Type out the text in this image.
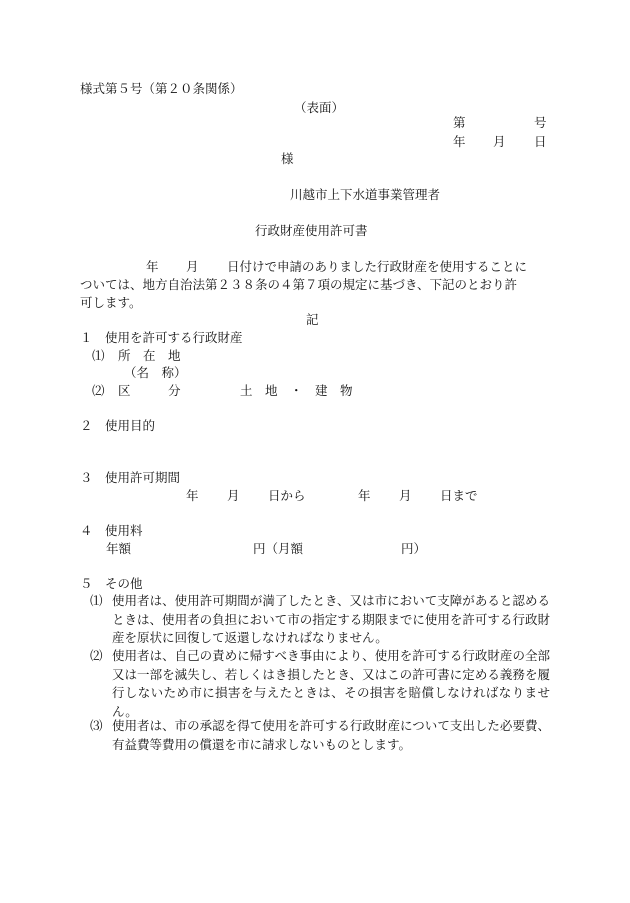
様式第５号（第２０条関係）
（表面）
第	号
年 月 日
様
川越市上下水道事業管理者
行政財産使用許可書
年 月 日付けで申請のありました行政財産を使用することに
ついては、地方自治法第２３８条の４第７項の規定に基づき、下記のとおり許
可します。
記
１　使用を許可する行政財産
⑴ 所　在　地
（名　称）
⑵ 区　　　分	土　地　・　建　物
２　使用目的
３　使用許可期間
年 月 日から	年 月 日まで
４　使用料
年額	円（月額	円）
５　その他
⑴ 使用者は、使用許可期間が満了したとき、又は市において支障があると認めるときは、使用者の負担において市の指定する期限までに使用を許可する行政財産を原状に回復して返還しなければなりません。
⑵ 使用者は、自己の責めに帰すべき事由により、使用を許可する行政財産の全部又は一部を滅失し、若しくはき損したとき、又はこの許可書に定める義務を履行しないため市に損害を与えたときは、その損害を賠償しなければなりません。
⑶ 使用者は、市の承認を得て使用を許可する行政財産について支出した必要費、有益費等費用の償還を市に請求しないものとします。
